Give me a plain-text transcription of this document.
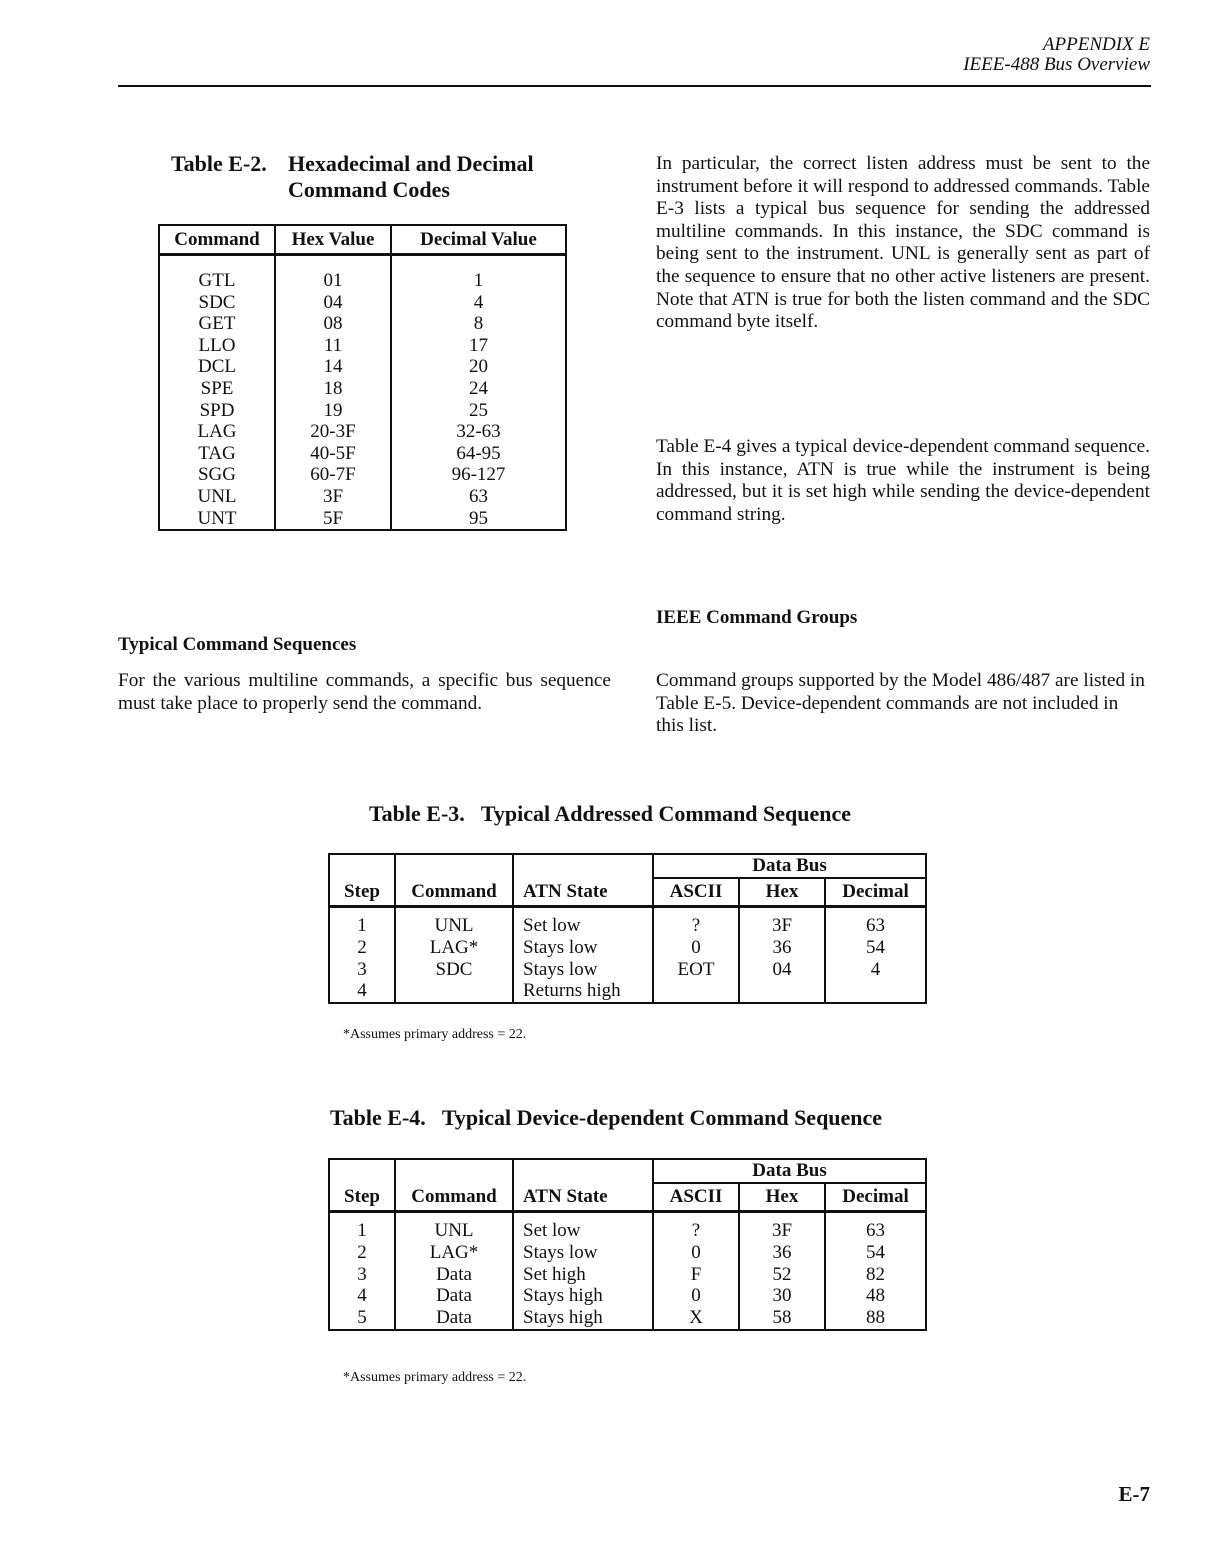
APPENDIX E
IEEE-488 Bus Overview
Table E-2. Hexadecimal and Decimal
Command Codes
Command	Hex Value	Decimal Value

GTL	01	1
SDC	04	4
GET	08	8
LLO	11	17
DCL	14	20
SPE	18	24
SPD	19	25
LAG	20-3F	32-63
TAG	40-5F	64-95
SGG	60-7F	96-127
UNL	3F	63
UNT	5F	95
In particular, the correct listen address must be sent to the instrument before it will respond to addressed commands. Table E-3 lists a typical bus sequence for sending the addressed multiline commands. In this instance, the SDC command is being sent to the instrument. UNL is generally sent as part of the sequence to ensure that no other active listeners are present. Note that ATN is true for both the listen command and the SDC command byte itself.
Table E-4 gives a typical device-dependent command sequence. In this instance, ATN is true while the instrument is being addressed, but it is set high while sending the device-dependent command string.
IEEE Command Groups
Command groups supported by the Model 486/487 are listed in Table E-5. Device-dependent commands are not included in this list.
Typical Command Sequences
For the various multiline commands, a specific bus sequence must take place to properly send the command.
Table E-3.   Typical Addressed Command Sequence
			Data Bus		
Step	Command	ATN State	ASCII	Hex	Decimal

1	UNL	Set low	?	3F	63
2	LAG*	Stays low	0	36	54
3	SDC	Stays low	EOT	04	4
4		Returns high			
*Assumes primary address = 22.
Table E-4.   Typical Device-dependent Command Sequence
			Data Bus		
Step	Command	ATN State	ASCII	Hex	Decimal

1	UNL	Set low	?	3F	63
2	LAG*	Stays low	0	36	54
3	Data	Set high	F	52	82
4	Data	Stays high	0	30	48
5	Data	Stays high	X	58	88
*Assumes primary address = 22.
E-7
